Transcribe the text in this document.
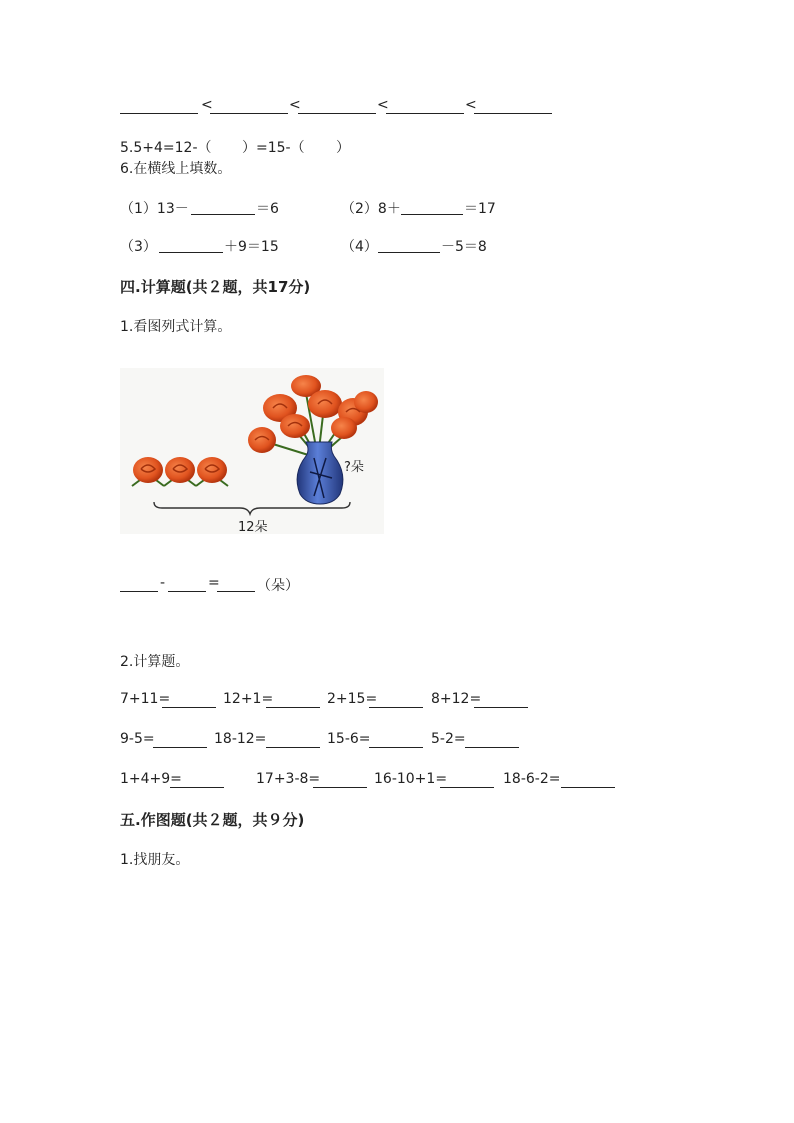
<	<	<	<
5.5+4=12-（ ）=15-（ ）
6.在横线上填数。
（1）13－	＝6	（2）8＋	＝17
（3）	＋9＝15	（4）	－5＝8
四.计算题(共２题，共17分)
1.看图列式计算。
?朵
12朵
-	=	（朵）
2.计算题。
7+11=	12+1=	2+15=	8+12=
9-5=	18-12=	15-6=	5-2=
1+4+9=	17+3-8=	16-10+1=	18-6-2=
五.作图题(共２题，共９分)
1.找朋友。
